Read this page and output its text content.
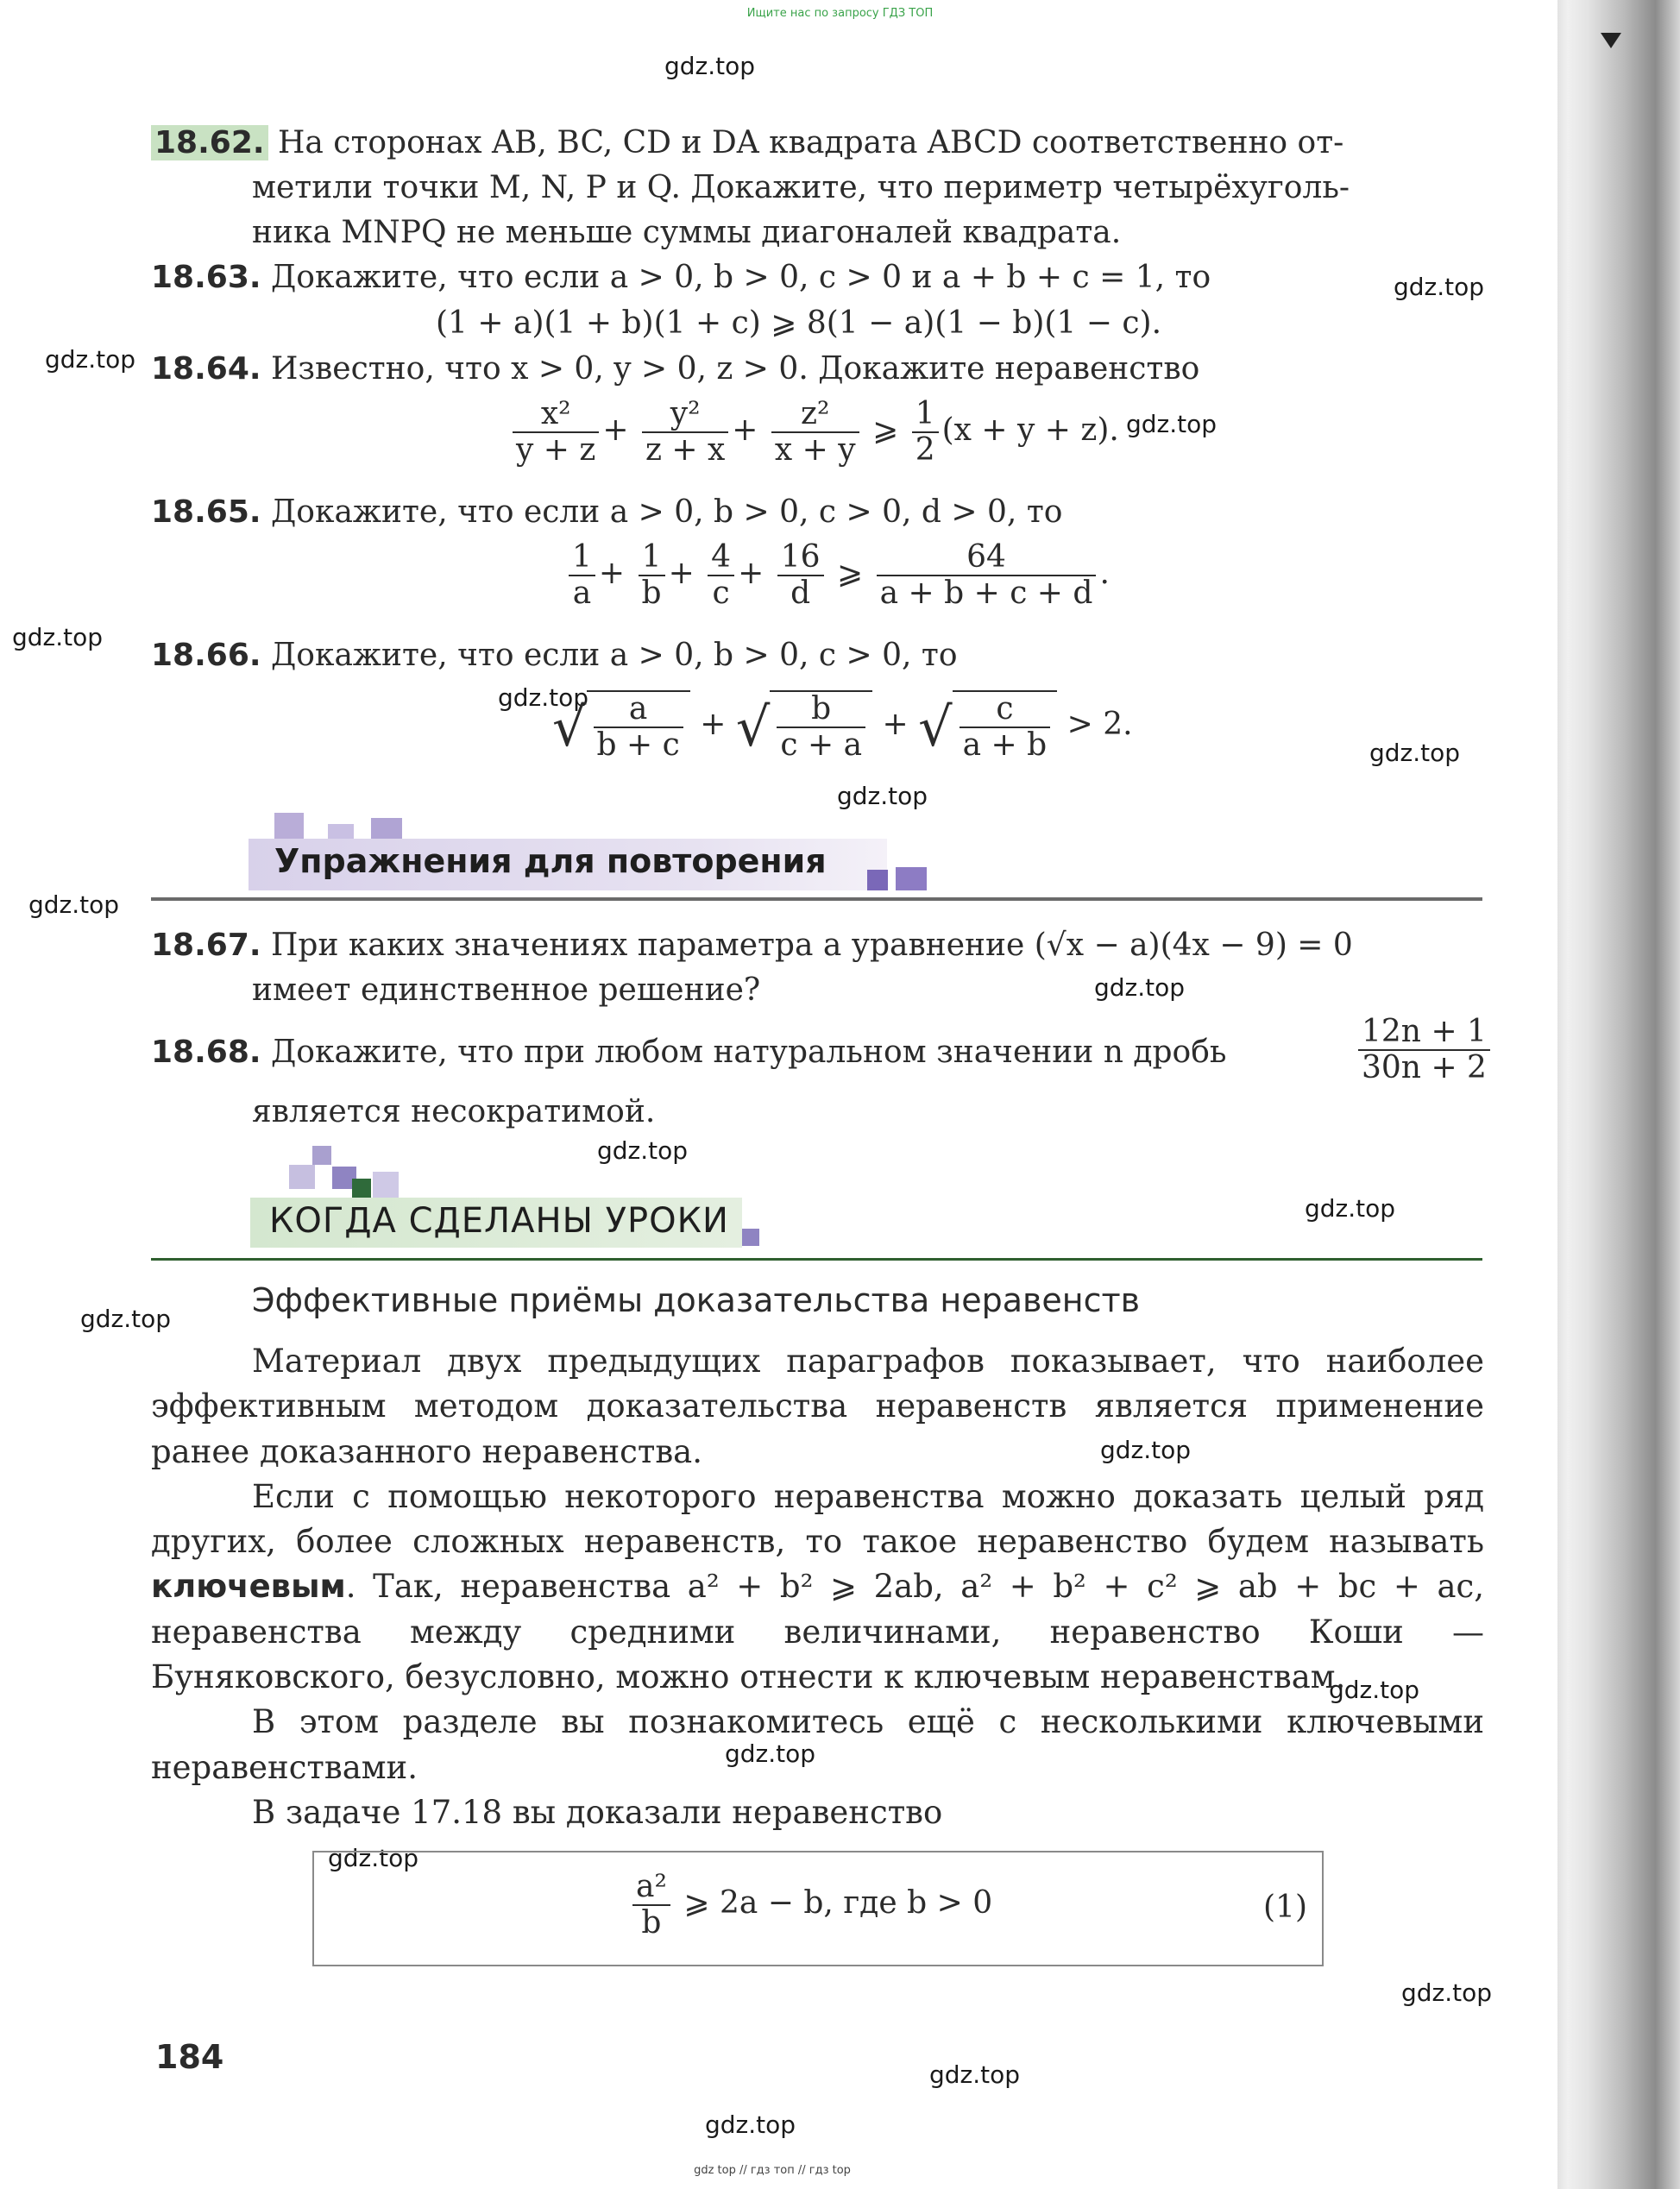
Ищите нас по запросу ГДЗ ТОП
gdz.top
gdz.top
gdz.top
gdz.top
gdz.top
gdz.top
gdz.top
gdz.top
gdz.top
gdz.top
gdz.top
gdz.top
gdz.top
gdz.top
gdz.top
gdz.top
gdz.top
gdz.top
gdz.top
gdz.top
18.62. На сторонах AB, BC, CD и DA квадрата ABCD соответственно от-
метили точки M, N, P и Q. Докажите, что периметр четырёхуголь-
ника MNPQ не меньше суммы диагоналей квадрата.
18.63. Докажите, что если a > 0, b > 0, c > 0 и a + b + c = 1, то
(1 + a)(1 + b)(1 + c) ⩾ 8(1 − a)(1 − b)(1 − c).
18.64. Известно, что x > 0, y > 0, z > 0. Докажите неравенство
$\frac{\text{x²}}{y + z} + \frac{\text{y²}}{z + x} + \frac{\text{z²}}{x + y}$ ⩾ $\frac{1}{2} (x + y + z)$.
18.65. Докажите, что если a > 0, b > 0, c > 0, d > 0, то
$\frac{1}{a} + \frac{1}{b} + \frac{4}{c} + \frac{16}{d}$ ⩾ $\frac{64}{a + b + c + d}$ .
18.66. Докажите, что если a > 0, b > 0, c > 0, то
√ $\frac{a}{b + c}$ + √ $\frac{b}{c + a}$ + √ $\frac{c}{a + b} > 2$.
Упражнения для повторения
18.67. При каких значениях параметра a уравнение (√x − a)(4x − 9) = 0
имеет единственное решение?
18.68. Докажите, что при любом натуральном значении n дробь	$\frac{12n + 1}{30n + 2}$
является несократимой.
КОГДА СДЕЛАНЫ УРОКИ
Эффективные приёмы доказательства неравенств

Материал двух предыдущих параграфов показывает, что наиболее эффективным методом доказательства неравенств является применение ранее доказанного неравенства.

Если с помощью некоторого неравенства можно доказать целый ряд других, более сложных неравенств, то такое неравенство будем называть ключевым. Так, неравенства a² + b² ⩾ 2ab, a² + b² + c² ⩾ ab + bc + ac, неравенства между средними величинами, неравенство Коши — Буняковского, безусловно, можно отнести к ключевым неравенствам.

В этом разделе вы познакомитесь ещё с несколькими ключевыми неравенствами.

В задаче 17.18 вы доказали неравенство

$\frac{\text{a²}}{b}$ ⩾ 2a − b, где b > 0	(1)
184
gdz top // гдз топ // гдз top
